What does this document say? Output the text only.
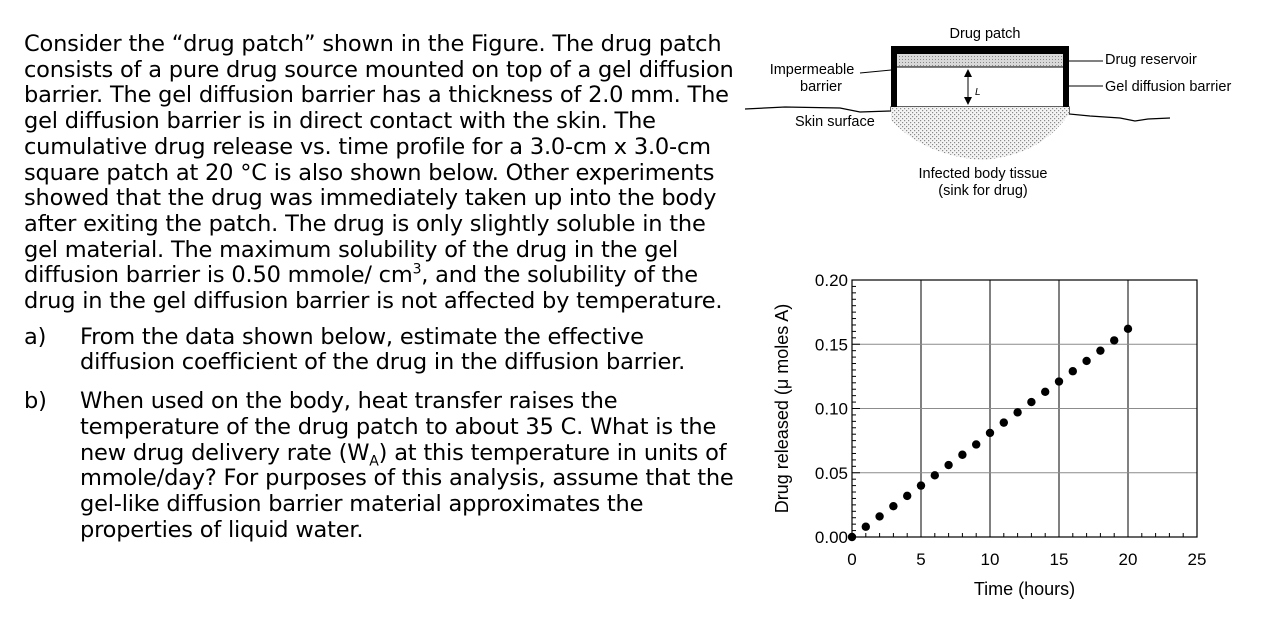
Consider the “drug patch” shown in the Figure. The drug patch consists of a pure drug source mounted on top of a gel diffusion barrier. The gel diffusion barrier has a thickness of 2.0 mm. The gel diffusion barrier is in direct contact with the skin. The cumulative drug release vs. time profile for a 3.0-cm x 3.0-cm square patch at 20 °C is also shown below. Other experiments showed that the drug was immediately taken up into the body after exiting the patch. The drug is only slightly soluble in the gel material. The maximum solubility of the drug in the gel diffusion barrier is 0.50 mmole/ $cm^3$, and the solubility of the drug in the gel diffusion barrier is not affected by temperature.

a)	From the data shown below, estimate the effective diffusion coefficient of the drug in the diffusion barrier.
b)	When used on the body, heat transfer raises the temperature of the drug patch to about 35 C. What is the new drug delivery rate $(W_A)$ at this temperature in units of mmole/day? For purposes of this analysis, assume that the gel-like diffusion barrier material approximates the properties of liquid water.
L
Drug patch
Impermeable
barrier
Drug reservoir
Gel diffusion barrier
Skin surface
Infected body tissue
(sink for drug)
0	5	10	15	20	25
0.20
0.15
0.10
0.05
0.00
Time (hours)
Drug released (μ moles A)
